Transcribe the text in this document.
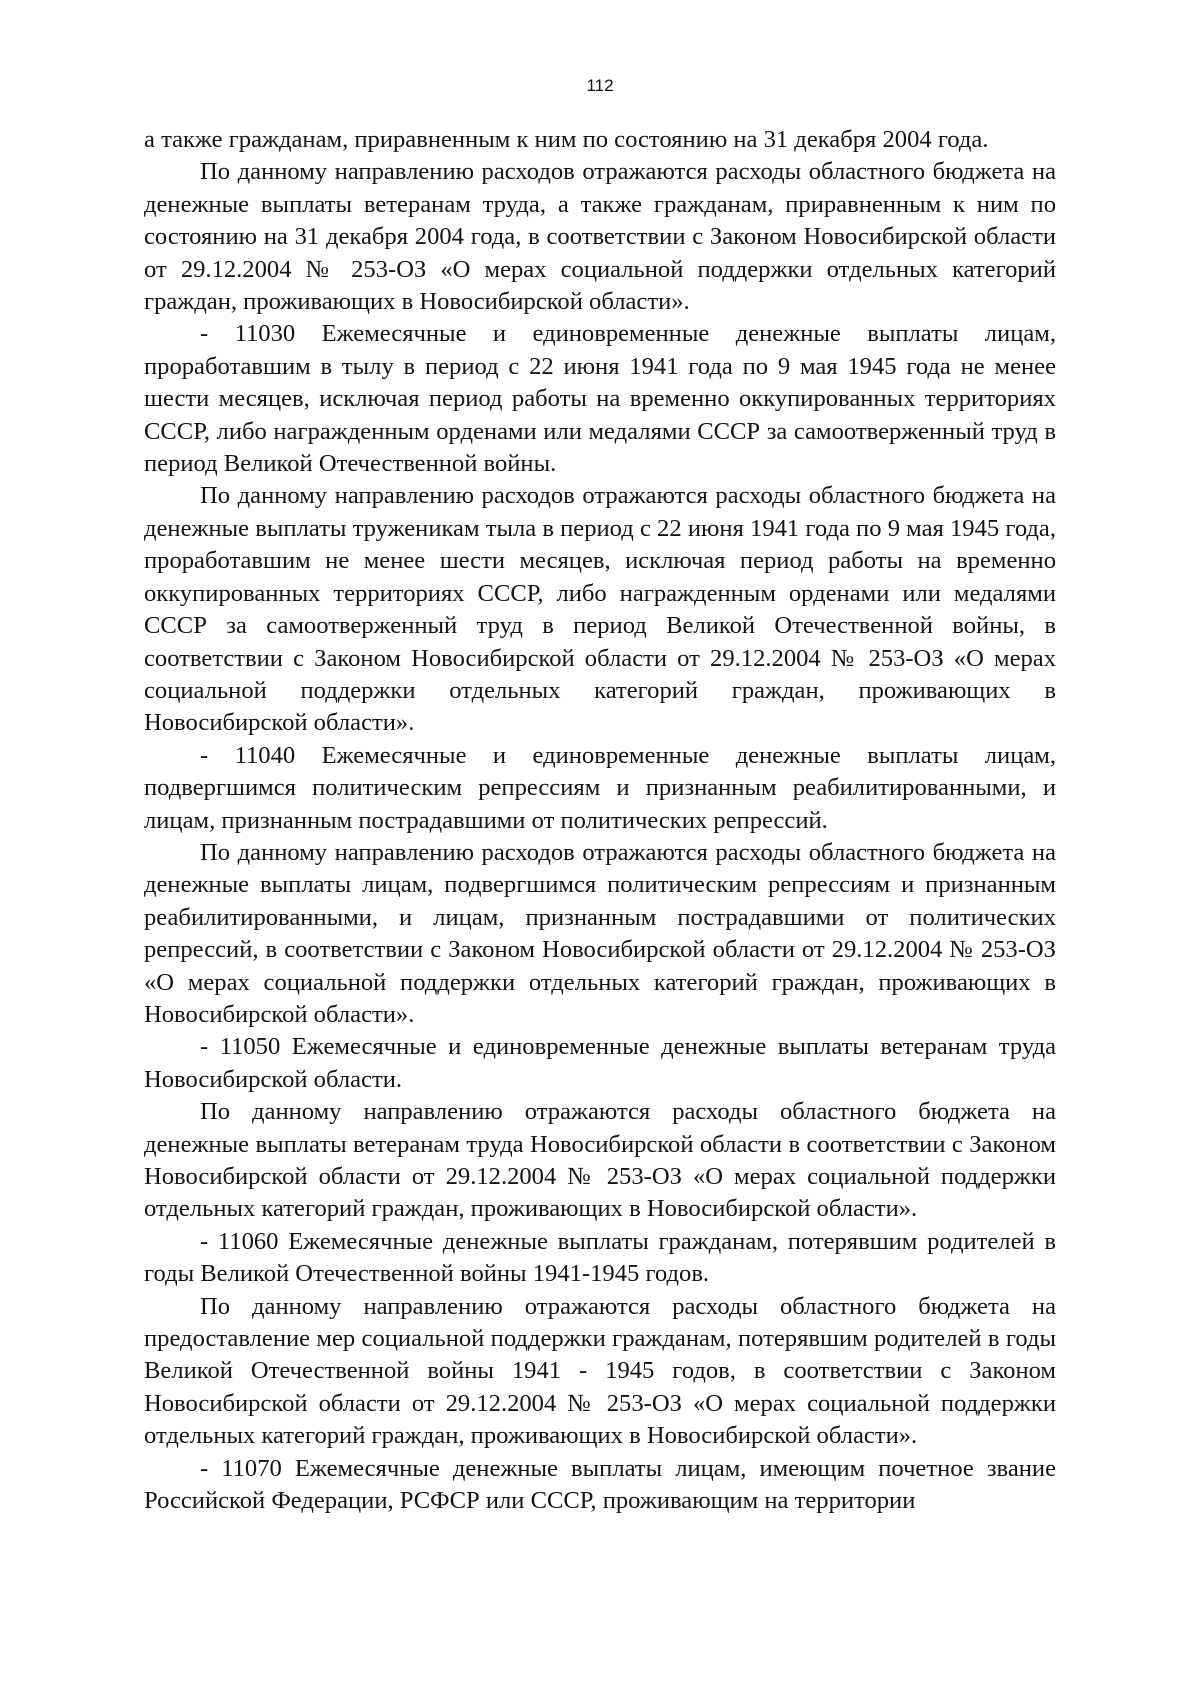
112

а также гражданам, приравненным к ним по состоянию на 31 декабря 2004 года.

По данному направлению расходов отражаются расходы областного бюджета на денежные выплаты ветеранам труда, а также гражданам, приравненным к ним по состоянию на 31 декабря 2004 года, в соответствии с Законом Новосибирской области от 29.12.2004 № 253-ОЗ «О мерах социальной поддержки отдельных категорий граждан, проживающих в Новосибирской области».

- 11030 Ежемесячные и единовременные денежные выплаты лицам, проработавшим в тылу в период с 22 июня 1941 года по 9 мая 1945 года не менее шести месяцев, исключая период работы на временно оккупированных территориях СССР, либо награжденным орденами или медалями СССР за самоотверженный труд в период Великой Отечественной войны.

По данному направлению расходов отражаются расходы областного бюджета на денежные выплаты труженикам тыла в период с 22 июня 1941 года по 9 мая 1945 года, проработавшим не менее шести месяцев, исключая период работы на временно оккупированных территориях СССР, либо награжденным орденами или медалями СССР за самоотверженный труд в период Великой Отечественной войны, в соответствии с Законом Новосибирской области от 29.12.2004 № 253-ОЗ «О мерах социальной поддержки отдельных категорий граждан, проживающих в Новосибирской области».

- 11040 Ежемесячные и единовременные денежные выплаты лицам, подвергшимся политическим репрессиям и признанным реабилитированными, и лицам, признанным пострадавшими от политических репрессий.

По данному направлению расходов отражаются расходы областного бюджета на денежные выплаты лицам, подвергшимся политическим репрессиям и признанным реабилитированными, и лицам, признанным пострадавшими от политических репрессий, в соответствии с Законом Новосибирской области от 29.12.2004 № 253-ОЗ «О мерах социальной поддержки отдельных категорий граждан, проживающих в Новосибирской области».

- 11050 Ежемесячные и единовременные денежные выплаты ветеранам труда Новосибирской области.

По данному направлению отражаются расходы областного бюджета на денежные выплаты ветеранам труда Новосибирской области в соответствии с Законом Новосибирской области от 29.12.2004 № 253-ОЗ «О мерах социальной поддержки отдельных категорий граждан, проживающих в Новосибирской области».

- 11060 Ежемесячные денежные выплаты гражданам, потерявшим родителей в годы Великой Отечественной войны 1941-1945 годов.

По данному направлению отражаются расходы областного бюджета на предоставление мер социальной поддержки гражданам, потерявшим родителей в годы Великой Отечественной войны 1941 - 1945 годов, в соответствии с Законом Новосибирской области от 29.12.2004 № 253-ОЗ «О мерах социальной поддержки отдельных категорий граждан, проживающих в Новосибирской области».

- 11070 Ежемесячные денежные выплаты лицам, имеющим почетное звание Российской Федерации, РСФСР или СССР, проживающим на территории
